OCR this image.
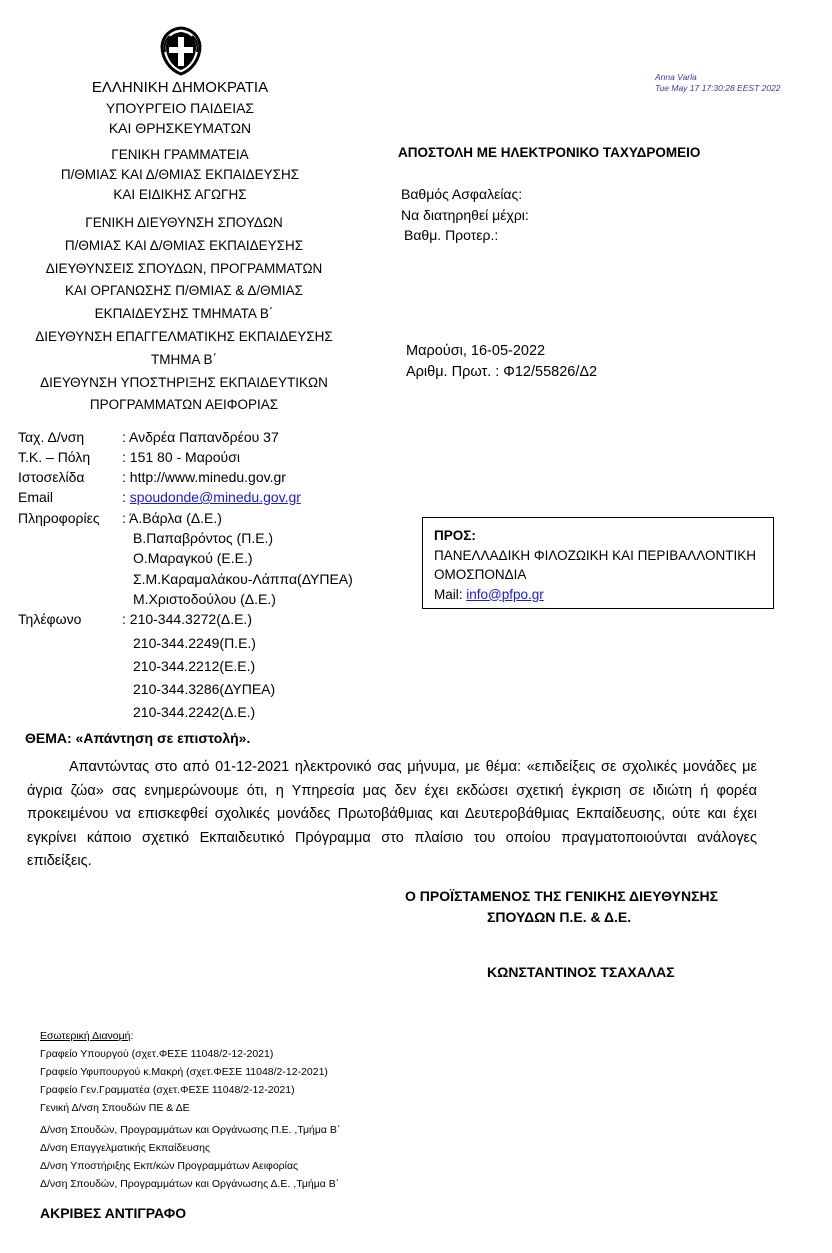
ΕΛΛΗΝΙΚΗ ΔΗΜΟΚΡΑΤΙΑ
ΥΠΟΥΡΓΕΙΟ ΠΑΙΔΕΙΑΣ
ΚΑΙ ΘΡΗΣΚΕΥΜΑΤΩΝ
ΓΕΝΙΚΗ ΓΡΑΜΜΑΤΕΙΑ
Π/ΘΜΙΑΣ ΚΑΙ Δ/ΘΜΙΑΣ ΕΚΠΑΙΔΕΥΣΗΣ
ΚΑΙ ΕΙΔΙΚΗΣ ΑΓΩΓΗΣ
ΓΕΝΙΚΗ ΔΙΕΥΘΥΝΣΗ ΣΠΟΥΔΩΝ
Π/ΘΜΙΑΣ ΚΑΙ Δ/ΘΜΙΑΣ ΕΚΠΑΙΔΕΥΣΗΣ
ΔΙΕΥΘΥΝΣΕΙΣ ΣΠΟΥΔΩΝ, ΠΡΟΓΡΑΜΜΑΤΩΝ
ΚΑΙ ΟΡΓΑΝΩΣΗΣ Π/ΘΜΙΑΣ & Δ/ΘΜΙΑΣ
ΕΚΠΑΙΔΕΥΣΗΣ ΤΜΗΜΑΤΑ Β΄
ΔΙΕΥΘΥΝΣΗ ΕΠΑΓΓΕΛΜΑΤΙΚΗΣ ΕΚΠΑΙΔΕΥΣΗΣ
ΤΜΗΜΑ Β΄
ΔΙΕΥΘΥΝΣΗ ΥΠΟΣΤΗΡΙΞΗΣ ΕΚΠΑΙΔΕΥΤΙΚΩΝ
ΠΡΟΓΡΑΜΜΑΤΩΝ ΑΕΙΦΟΡΙΑΣ
Anna Varla
Tue May 17 17:30:28 EEST 2022
ΑΠΟΣΤΟΛΗ ΜΕ ΗΛΕΚΤΡΟΝΙΚΟ ΤΑΧΥΔΡΟΜΕΙΟ
Βαθμός Ασφαλείας:
Να διατηρηθεί μέχρι:
Βαθμ. Προτερ.:
Μαρούσι, 16-05-2022
Αριθμ. Πρωτ. : Φ12/55826/Δ2
Ταχ. Δ/νση	: Ανδρέα Παπανδρέου 37
Τ.Κ. – Πόλη : 151 80 - Μαρούσι
Ιστοσελίδα	: http://www.minedu.gov.gr
Email	: spoudonde@minedu.gov.gr
Πληροφορίες : Ά.Βάρλα (Δ.Ε.)
Β.Παπαβρόντος (Π.Ε.)
Ο.Μαραγκού (Ε.Ε.)
Σ.Μ.Καραμαλάκου-Λάππα(ΔΥΠΕΑ)
Μ.Χριστοδούλου (Δ.Ε.)
Τηλέφωνο	: 210-344.3272(Δ.Ε.)
210-344.2249(Π.Ε.)
210-344.2212(Ε.Ε.)
210-344.3286(ΔΥΠΕΑ)
210-344.2242(Δ.Ε.)
ΠΡΟΣ:
ΠΑΝΕΛΛΑΔΙΚΗ ΦΙΛΟΖΩΙΚΗ ΚΑΙ ΠΕΡΙΒΑΛΛΟΝΤΙΚΗ
ΟΜΟΣΠΟΝΔΙΑ
Mail: info@pfpo.gr
ΘΕΜΑ: «Απάντηση σε επιστολή».
Απαντώντας στο από 01-12-2021 ηλεκτρονικό σας μήνυμα, με θέμα: «επιδείξεις σε σχολικές μονάδες με άγρια ζώα» σας ενημερώνουμε ότι, η Υπηρεσία μας δεν έχει εκδώσει σχετική έγκριση σε ιδιώτη ή φορέα προκειμένου να επισκεφθεί σχολικές μονάδες Πρωτοβάθμιας και Δευτεροβάθμιας Εκπαίδευσης, ούτε και έχει εγκρίνει κάποιο σχετικό Εκπαιδευτικό Πρόγραμμα στο πλαίσιο του οποίου πραγματοποιούνται ανάλογες επιδείξεις.
Ο ΠΡΟΪΣΤΑΜΕΝΟΣ ΤΗΣ ΓΕΝΙΚΗΣ ΔΙΕΥΘΥΝΣΗΣ
ΣΠΟΥΔΩΝ Π.Ε. & Δ.Ε.
ΚΩΝΣΤΑΝΤΙΝΟΣ ΤΣΑΧΑΛΑΣ
Εσωτερική Διανομή:
Γραφείο Υπουργού (σχετ.ΦΕΣΕ 11048/2-12-2021)
Γραφείο Υφυπουργού κ.Μακρή (σχετ.ΦΕΣΕ 11048/2-12-2021)
Γραφείο Γεν.Γραμματέα (σχετ.ΦΕΣΕ 11048/2-12-2021)
Γενική Δ/νση Σπουδών ΠΕ & ΔΕ
Δ/νση Σπουδών, Προγραμμάτων και Οργάνωσης Π.Ε. ,Τμήμα Β΄
Δ/νση Επαγγελματικής Εκπαίδευσης
Δ/νση Υποστήριξης Εκπ/κών Προγραμμάτων Αειφορίας
Δ/νση Σπουδών, Προγραμμάτων και Οργάνωσης Δ.Ε. ,Τμήμα Β΄
ΑΚΡΙΒΕΣ ΑΝΤΙΓΡΑΦΟ
